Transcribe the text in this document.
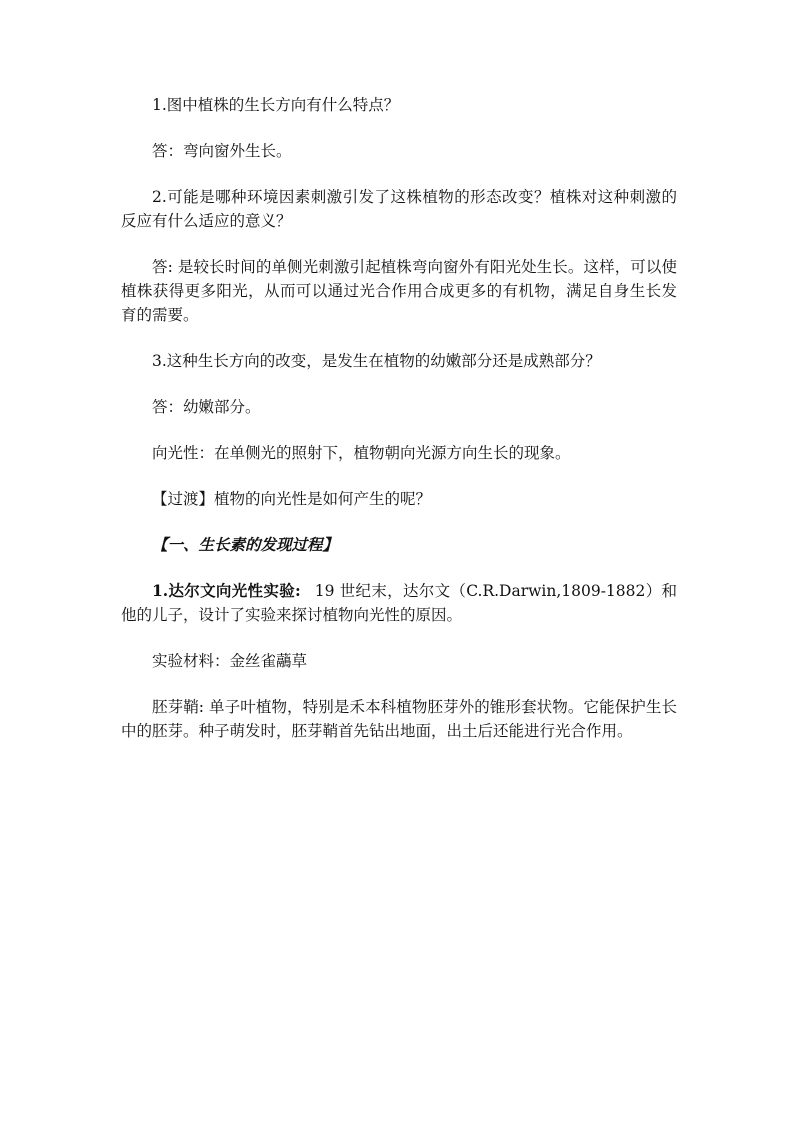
1.图中植株的生长方向有什么特点？

答：弯向窗外生长。

2.可能是哪种环境因素刺激引发了这株植物的形态改变？植株对这种刺激的反应有什么适应的意义？

答: 是较长时间的单侧光刺激引起植株弯向窗外有阳光处生长。这样，可以使植株获得更多阳光，从而可以通过光合作用合成更多的有机物，满足自身生长发育的需要。

3.这种生长方向的改变，是发生在植物的幼嫩部分还是成熟部分？

答：幼嫩部分。

向光性：在单侧光的照射下，植物朝向光源方向生长的现象。

【过渡】植物的向光性是如何产生的呢？

【一、生长素的发现过程】

1.达尔文向光性实验: 19 世纪末，达尔文（C.R.Darwin,1809-1882）和他的儿子，设计了实验来探讨植物向光性的原因。

实验材料：金丝雀虉草

胚芽鞘: 单子叶植物，特别是禾本科植物胚芽外的锥形套状物。它能保护生长中的胚芽。种子萌发时，胚芽鞘首先钻出地面，出土后还能进行光合作用。
